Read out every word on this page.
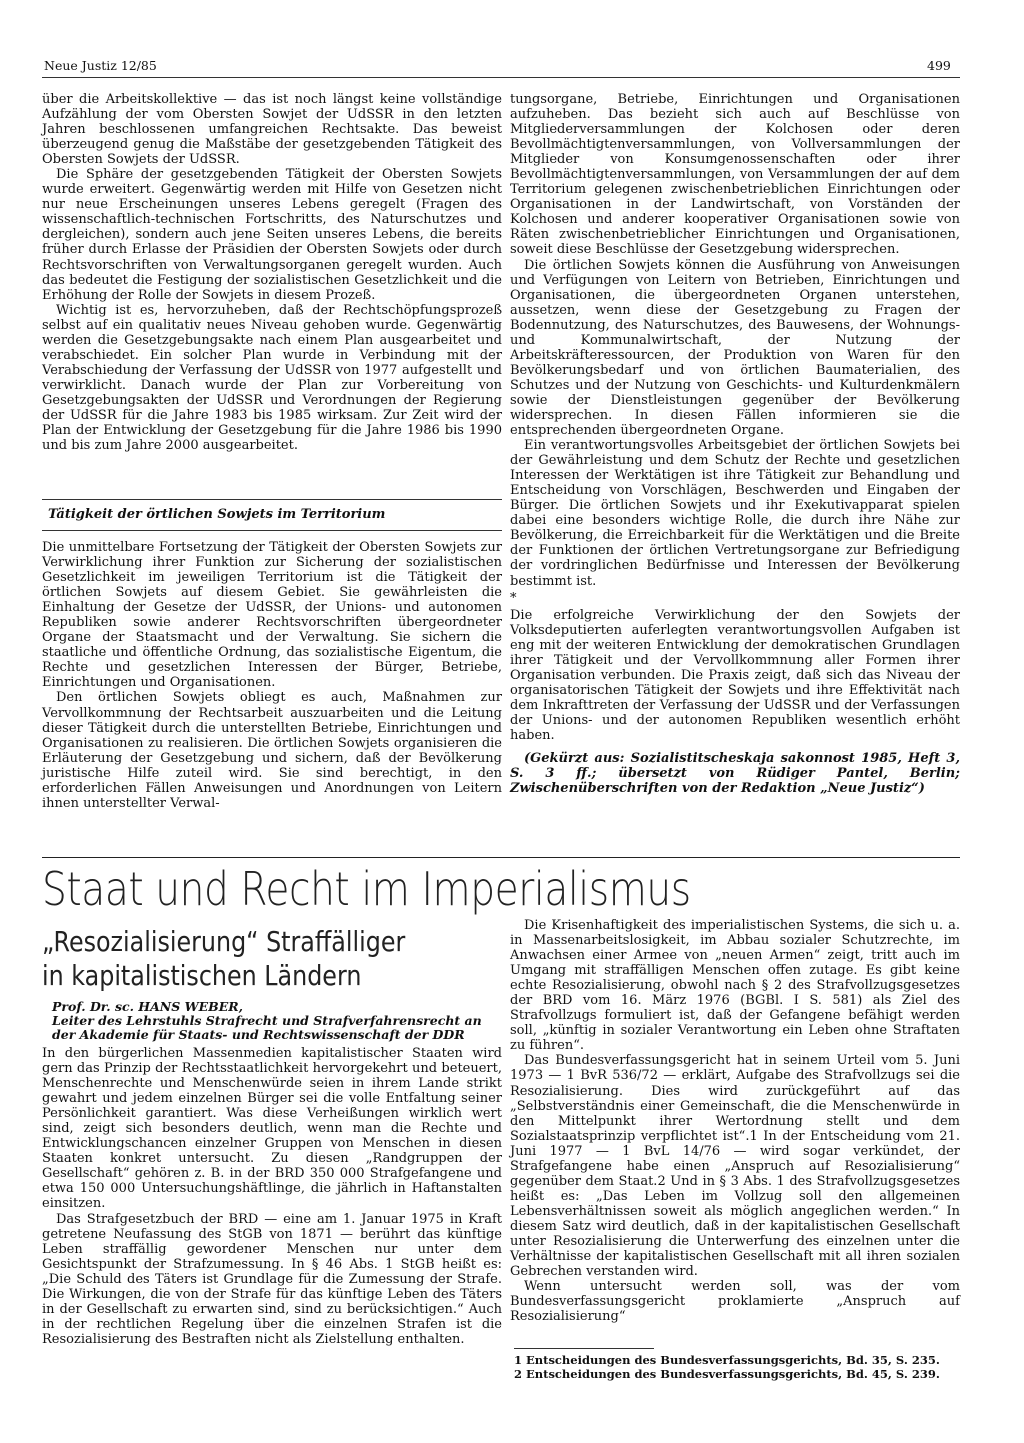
Neue Justiz 12/85	499

über die Arbeitskollektive — das ist noch längst keine vollständige Aufzählung der vom Obersten Sowjet der UdSSR in den letzten Jahren beschlossenen umfangreichen Rechtsakte. Das beweist überzeugend genug die Maßstäbe der gesetzgebenden Tätigkeit des Obersten Sowjets der UdSSR.

Die Sphäre der gesetzgebenden Tätigkeit der Obersten Sowjets wurde erweitert. Gegenwärtig werden mit Hilfe von Gesetzen nicht nur neue Erscheinungen unseres Lebens geregelt (Fragen des wissenschaftlich-technischen Fortschritts, des Naturschutzes und dergleichen), sondern auch jene Seiten unseres Lebens, die bereits früher durch Erlasse der Präsidien der Obersten Sowjets oder durch Rechtsvorschriften von Verwaltungsorganen geregelt wurden. Auch das bedeutet die Festigung der sozialistischen Gesetzlichkeit und die Erhöhung der Rolle der Sowjets in diesem Prozeß.

Wichtig ist es, hervorzuheben, daß der Rechtschöpfungsprozeß selbst auf ein qualitativ neues Niveau gehoben wurde. Gegenwärtig werden die Gesetzgebungsakte nach einem Plan ausgearbeitet und verabschiedet. Ein solcher Plan wurde in Verbindung mit der Verabschiedung der Verfassung der UdSSR von 1977 aufgestellt und verwirklicht. Danach wurde der Plan zur Vorbereitung von Gesetzgebungsakten der UdSSR und Verordnungen der Regierung der UdSSR für die Jahre 1983 bis 1985 wirksam. Zur Zeit wird der Plan der Entwicklung der Gesetzgebung für die Jahre 1986 bis 1990 und bis zum Jahre 2000 ausgearbeitet.

Tätigkeit der örtlichen Sowjets im Territorium

Die unmittelbare Fortsetzung der Tätigkeit der Obersten Sowjets zur Verwirklichung ihrer Funktion zur Sicherung der sozialistischen Gesetzlichkeit im jeweiligen Territorium ist die Tätigkeit der örtlichen Sowjets auf diesem Gebiet. Sie gewährleisten die Einhaltung der Gesetze der UdSSR, der Unions- und autonomen Republiken sowie anderer Rechtsvorschriften übergeordneter Organe der Staatsmacht und der Verwaltung. Sie sichern die staatliche und öffentliche Ordnung, das sozialistische Eigentum, die Rechte und gesetzlichen Interessen der Bürger, Betriebe, Einrichtungen und Organisationen.

Den örtlichen Sowjets obliegt es auch, Maßnahmen zur Vervollkommnung der Rechtsarbeit auszuarbeiten und die Leitung dieser Tätigkeit durch die unterstellten Betriebe, Einrichtungen und Organisationen zu realisieren. Die örtlichen Sowjets organisieren die Erläuterung der Gesetzgebung und sichern, daß der Bevölkerung juristische Hilfe zuteil wird. Sie sind berechtigt, in den erforderlichen Fällen Anweisungen und Anordnungen von Leitern ihnen unterstellter Verwal-

tungsorgane, Betriebe, Einrichtungen und Organisationen aufzuheben. Das bezieht sich auch auf Beschlüsse von Mitgliederversammlungen der Kolchosen oder deren Bevollmächtigtenversammlungen, von Vollversammlungen der Mitglieder von Konsumgenossenschaften oder ihrer Bevollmächtigtenversammlungen, von Versammlungen der auf dem Territorium gelegenen zwischenbetrieblichen Einrichtungen oder Organisationen in der Landwirtschaft, von Vorständen der Kolchosen und anderer kooperativer Organisationen sowie von Räten zwischenbetrieblicher Einrichtungen und Organisationen, soweit diese Beschlüsse der Gesetzgebung widersprechen.

Die örtlichen Sowjets können die Ausführung von Anweisungen und Verfügungen von Leitern von Betrieben, Einrichtungen und Organisationen, die übergeordneten Organen unterstehen, aussetzen, wenn diese der Gesetzgebung zu Fragen der Bodennutzung, des Naturschutzes, des Bauwesens, der Wohnungs- und Kommunalwirtschaft, der Nutzung der Arbeitskräfteressourcen, der Produktion von Waren für den Bevölkerungsbedarf und von örtlichen Baumaterialien, des Schutzes und der Nutzung von Geschichts- und Kulturdenkmälern sowie der Dienstleistungen gegenüber der Bevölkerung widersprechen. In diesen Fällen informieren sie die entsprechenden übergeordneten Organe.

Ein verantwortungsvolles Arbeitsgebiet der örtlichen Sowjets bei der Gewährleistung und dem Schutz der Rechte und gesetzlichen Interessen der Werktätigen ist ihre Tätigkeit zur Behandlung und Entscheidung von Vorschlägen, Beschwerden und Eingaben der Bürger. Die örtlichen Sowjets und ihr Exekutivapparat spielen dabei eine besonders wichtige Rolle, die durch ihre Nähe zur Bevölkerung, die Erreichbarkeit für die Werktätigen und die Breite der Funktionen der örtlichen Vertretungsorgane zur Befriedigung der vordringlichen Bedürfnisse und Interessen der Bevölkerung bestimmt ist.

*

Die erfolgreiche Verwirklichung der den Sowjets der Volksdeputierten auferlegten verantwortungsvollen Aufgaben ist eng mit der weiteren Entwicklung der demokratischen Grundlagen ihrer Tätigkeit und der Vervollkommnung aller Formen ihrer Organisation verbunden. Die Praxis zeigt, daß sich das Niveau der organisatorischen Tätigkeit der Sowjets und ihre Effektivität nach dem Inkrafttreten der Verfassung der UdSSR und der Verfassungen der Unions- und der autonomen Republiken wesentlich erhöht haben.

(Gekürzt aus: Sozialistitscheskaja sakonnost 1985, Heft 3, S. 3 ff.; übersetzt von Rüdiger Pantel, Berlin; Zwischenüberschriften von der Redaktion „Neue Justiz“)

Staat und Recht im Imperialismus
„Resozialisierung“ Straffälliger
in kapitalistischen Ländern
Prof. Dr. sc. HANS WEBER,
Leiter des Lehrstuhls Strafrecht und Strafverfahrensrecht an der Akademie für Staats- und Rechtswissenschaft der DDR

In den bürgerlichen Massenmedien kapitalistischer Staaten wird gern das Prinzip der Rechtsstaatlichkeit hervorgekehrt und beteuert, Menschenrechte und Menschenwürde seien in ihrem Lande strikt gewahrt und jedem einzelnen Bürger sei die volle Entfaltung seiner Persönlichkeit garantiert. Was diese Verheißungen wirklich wert sind, zeigt sich besonders deutlich, wenn man die Rechte und Entwicklungschancen einzelner Gruppen von Menschen in diesen Staaten konkret untersucht. Zu diesen „Randgruppen der Gesellschaft“ gehören z. B. in der BRD 350 000 Strafgefangene und etwa 150 000 Untersuchungshäftlinge, die jährlich in Haftanstalten einsitzen.

Das Strafgesetzbuch der BRD — eine am 1. Januar 1975 in Kraft getretene Neufassung des StGB von 1871 — berührt das künftige Leben straffällig gewordener Menschen nur unter dem Gesichtspunkt der Strafzumessung. In § 46 Abs. 1 StGB heißt es: „Die Schuld des Täters ist Grundlage für die Zumessung der Strafe. Die Wirkungen, die von der Strafe für das künftige Leben des Täters in der Gesellschaft zu erwarten sind, sind zu berücksichtigen.“ Auch in der rechtlichen Regelung über die einzelnen Strafen ist die Resozialisierung des Bestraften nicht als Zielstellung enthalten.

Die Krisenhaftigkeit des imperialistischen Systems, die sich u. a. in Massenarbeitslosigkeit, im Abbau sozialer Schutzrechte, im Anwachsen einer Armee von „neuen Armen“ zeigt, tritt auch im Umgang mit straffälligen Menschen offen zutage. Es gibt keine echte Resozialisierung, obwohl nach § 2 des Strafvollzugsgesetzes der BRD vom 16. März 1976 (BGBl. I S. 581) als Ziel des Strafvollzugs formuliert ist, daß der Gefangene befähigt werden soll, „künftig in sozialer Verantwortung ein Leben ohne Straftaten zu führen“.

Das Bundesverfassungsgericht hat in seinem Urteil vom 5. Juni 1973 — 1 BvR 536/72 — erklärt, Aufgabe des Strafvollzugs sei die Resozialisierung. Dies wird zurückgeführt auf das „Selbstverständnis einer Gemeinschaft, die die Menschenwürde in den Mittelpunkt ihrer Wertordnung stellt und dem Sozialstaatsprinzip verpflichtet ist“.1 In der Entscheidung vom 21. Juni 1977 — 1 BvL 14/76 — wird sogar verkündet, der Strafgefangene habe einen „Anspruch auf Resozialisierung“ gegenüber dem Staat.2 Und in § 3 Abs. 1 des Strafvollzugsgesetzes heißt es: „Das Leben im Vollzug soll den allgemeinen Lebensverhältnissen soweit als möglich angeglichen werden.“ In diesem Satz wird deutlich, daß in der kapitalistischen Gesellschaft unter Resozialisierung die Unterwerfung des einzelnen unter die Verhältnisse der kapitalistischen Gesellschaft mit all ihren sozialen Gebrechen verstanden wird.

Wenn untersucht werden soll, was der vom Bundesverfassungsgericht proklamierte „Anspruch auf Resozialisierung“

1 Entscheidungen des Bundesverfassungsgerichts, Bd. 35, S. 235.
2 Entscheidungen des Bundesverfassungsgerichts, Bd. 45, S. 239.
